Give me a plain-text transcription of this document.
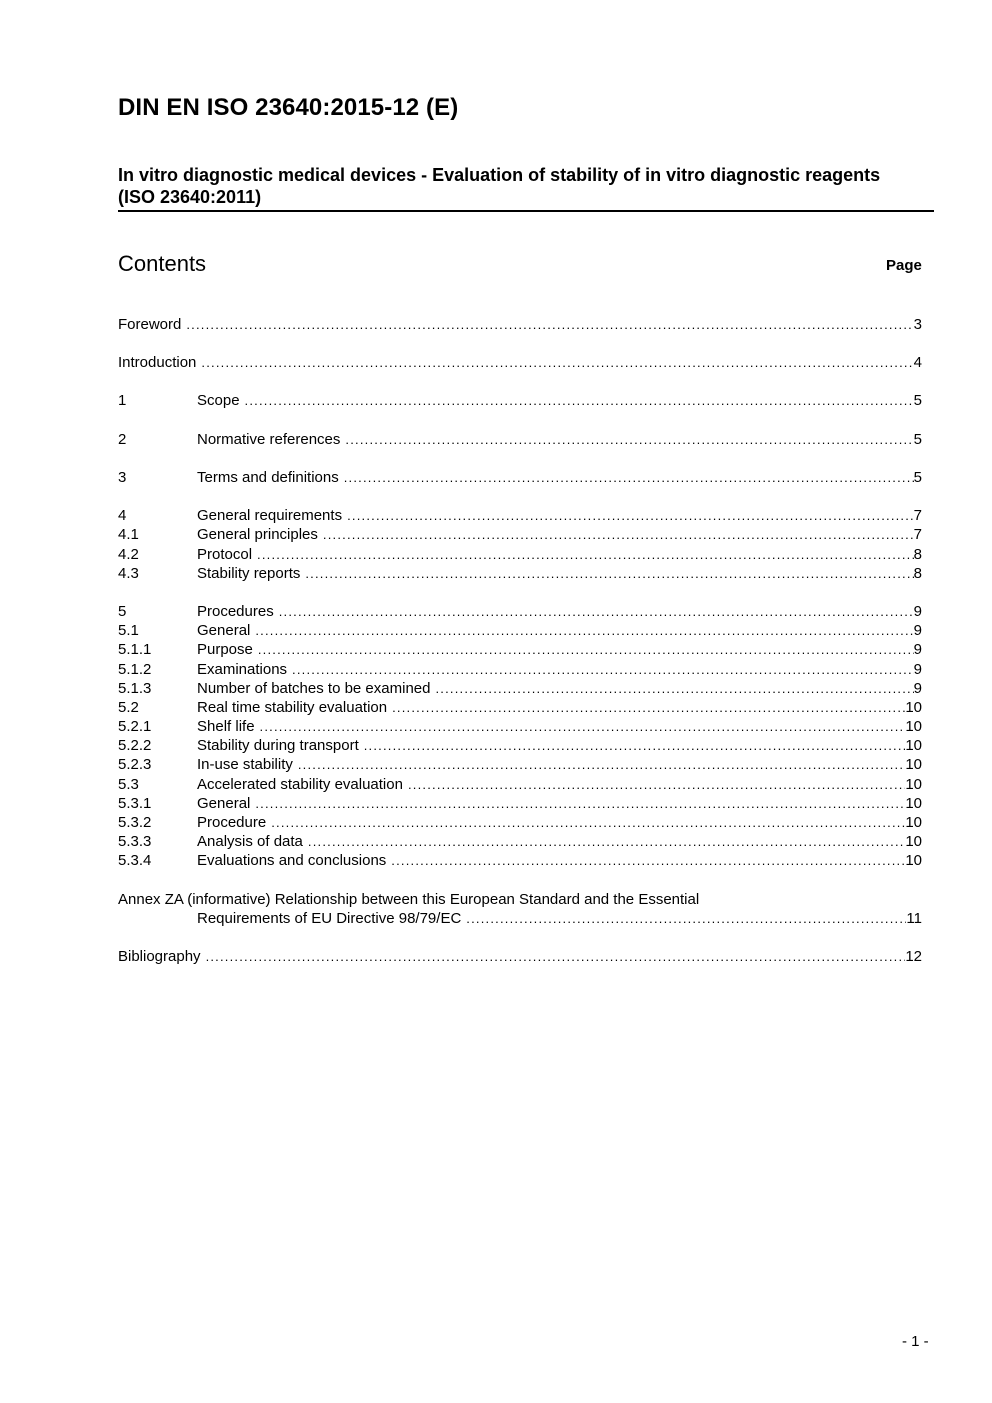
DIN EN ISO 23640:2015-12 (E)
In vitro diagnostic medical devices - Evaluation of stability of in vitro diagnostic reagents (ISO 23640:2011)
Contents	Page
Foreword .....	3
Introduction .....	4
1	Scope .....	5
2	Normative references .....	5
3	Terms and definitions .....	5
4	General requirements .....	7
4.1	General principles .....	7
4.2	Protocol .....	8
4.3	Stability reports .....	8
5	Procedures .....	9
5.1	General .....	9
5.1.1	Purpose .....	9
5.1.2	Examinations .....	9
5.1.3	Number of batches to be examined .....	9
5.2	Real time stability evaluation .....	10
5.2.1	Shelf life .....	10
5.2.2	Stability during transport .....	10
5.2.3	In-use stability .....	10
5.3	Accelerated stability evaluation .....	10
5.3.1	General .....	10
5.3.2	Procedure .....	10
5.3.3	Analysis of data .....	10
5.3.4	Evaluations and conclusions .....	10
Annex ZA (informative) Relationship between this European Standard and the Essential
Requirements of EU Directive 98/79/EC .....	11
Bibliography .....	12
- 1 -
